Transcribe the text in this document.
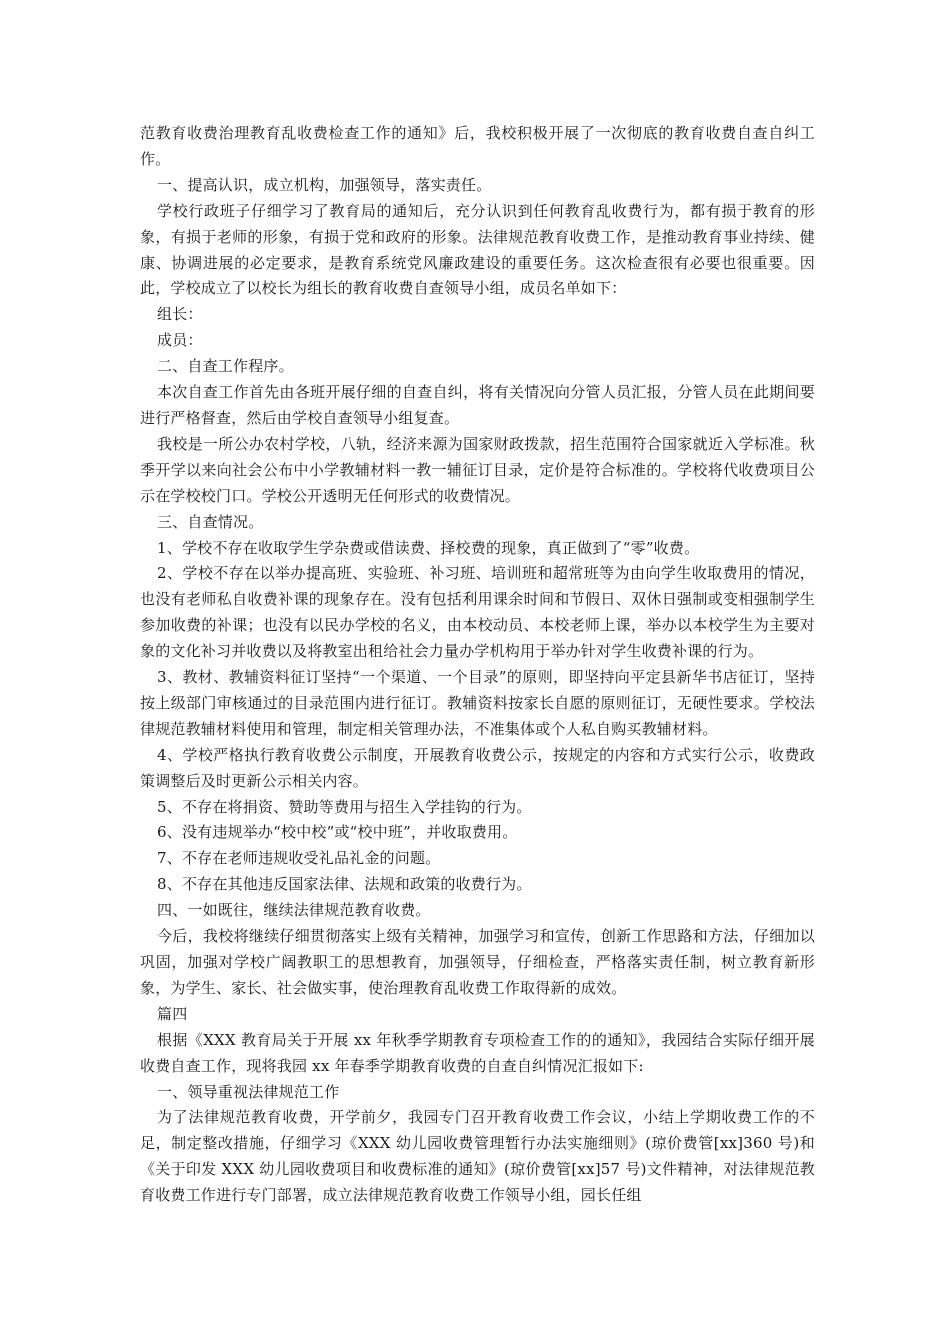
范教育收费治理教育乱收费检查工作的通知》后，我校积极开展了一次彻底的教育收费自查自纠工作。

一、提高认识，成立机构，加强领导，落实责任。

学校行政班子仔细学习了教育局的通知后，充分认识到任何教育乱收费行为，都有损于教育的形象，有损于老师的形象，有损于党和政府的形象。法律规范教育收费工作，是推动教育事业持续、健康、协调进展的必定要求，是教育系统党风廉政建设的重要任务。这次检查很有必要也很重要。因此，学校成立了以校长为组长的教育收费自查领导小组，成员名单如下：

组长：

成员：

二、自查工作程序。

本次自查工作首先由各班开展仔细的自查自纠，将有关情况向分管人员汇报，分管人员在此期间要进行严格督查，然后由学校自查领导小组复查。

我校是一所公办农村学校，八轨，经济来源为国家财政拨款，招生范围符合国家就近入学标准。秋季开学以来向社会公布中小学教辅材料一教一辅征订目录，定价是符合标准的。学校将代收费项目公示在学校校门口。学校公开透明无任何形式的收费情况。

三、自查情况。

1、学校不存在收取学生学杂费或借读费、择校费的现象，真正做到了“零”收费。

2、学校不存在以举办提高班、实验班、补习班、培训班和超常班等为由向学生收取费用的情况，也没有老师私自收费补课的现象存在。没有包括利用课余时间和节假日、双休日强制或变相强制学生参加收费的补课；也没有以民办学校的名义，由本校动员、本校老师上课，举办以本校学生为主要对象的文化补习并收费以及将教室出租给社会力量办学机构用于举办针对学生收费补课的行为。

3、教材、教辅资料征订坚持“一个渠道、一个目录”的原则，即坚持向平定县新华书店征订，坚持按上级部门审核通过的目录范围内进行征订。教辅资料按家长自愿的原则征订，无硬性要求。学校法律规范教辅材料使用和管理，制定相关管理办法，不准集体或个人私自购买教辅材料。

4、学校严格执行教育收费公示制度，开展教育收费公示，按规定的内容和方式实行公示，收费政策调整后及时更新公示相关内容。

5、不存在将捐资、赞助等费用与招生入学挂钩的行为。

6、没有违规举办“校中校”或“校中班”，并收取费用。

7、不存在老师违规收受礼品礼金的问题。

8、不存在其他违反国家法律、法规和政策的收费行为。

四、一如既往，继续法律规范教育收费。

今后，我校将继续仔细贯彻落实上级有关精神，加强学习和宣传，创新工作思路和方法，仔细加以巩固，加强对学校广阔教职工的思想教育，加强领导，仔细检查，严格落实责任制，树立教育新形象，为学生、家长、社会做实事，使治理教育乱收费工作取得新的成效。

篇四

根据《XXX 教育局关于开展 xx 年秋季学期教育专项检查工作的的通知》，我园结合实际仔细开展收费自查工作，现将我园 xx 年春季学期教育收费的自查自纠情况汇报如下:

一、领导重视法律规范工作

为了法律规范教育收费，开学前夕，我园专门召开教育收费工作会议，小结上学期收费工作的不足，制定整改措施，仔细学习《XXX 幼儿园收费管理暂行办法实施细则》(琼价费管[xx]360 号)和《关于印发 XXX 幼儿园收费项目和收费标准的通知》(琼价费管[xx]57 号)文件精神，对法律规范教育收费工作进行专门部署，成立法律规范教育收费工作领导小组，园长任组
